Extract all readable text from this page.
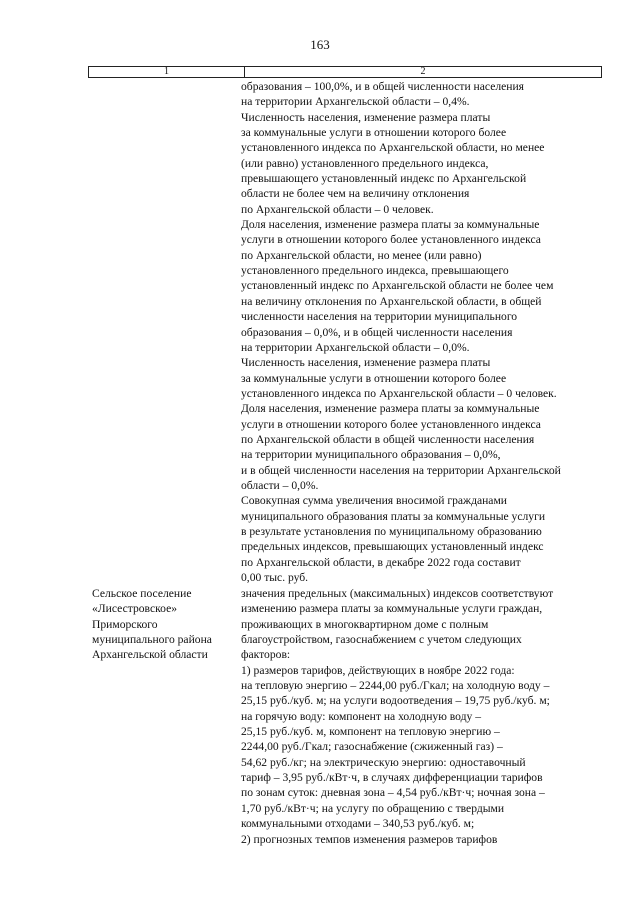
163
1	2
образования – 100,0%, и в общей численности населения
на территории Архангельской области – 0,4%.
Численность населения, изменение размера платы
за коммунальные услуги в отношении которого более
установленного индекса по Архангельской области, но менее
(или равно) установленного предельного индекса,
превышающего установленный индекс по Архангельской
области не более чем на величину отклонения
по Архангельской области – 0 человек.
Доля населения, изменение размера платы за коммунальные
услуги в отношении которого более установленного индекса
по Архангельской области, но менее (или равно)
установленного предельного индекса, превышающего
установленный индекс по Архангельской области не более чем
на величину отклонения по Архангельской области, в общей
численности населения на территории муниципального
образования – 0,0%, и в общей численности населения
на территории Архангельской области – 0,0%.
Численность населения, изменение размера платы
за коммунальные услуги в отношении которого более
установленного индекса по Архангельской области – 0 человек.
Доля населения, изменение размера платы за коммунальные
услуги в отношении которого более установленного индекса
по Архангельской области в общей численности населения
на территории муниципального образования – 0,0%,
и в общей численности населения на территории Архангельской
области – 0,0%.
Совокупная сумма увеличения вносимой гражданами
муниципального образования платы за коммунальные услуги
в результате установления по муниципальному образованию
предельных индексов, превышающих установленный индекс
по Архангельской области, в декабре 2022 года составит
0,00 тыс. руб.
Сельское поселение
«Лисестровское»
Приморского
муниципального района
Архангельской области
значения предельных (максимальных) индексов соответствуют
изменению размера платы за коммунальные услуги граждан,
проживающих в многоквартирном доме с полным
благоустройством, газоснабжением с учетом следующих
факторов:
1) размеров тарифов, действующих в ноябре 2022 года:
на тепловую энергию – 2244,00 руб./Гкал; на холодную воду –
25,15 руб./куб. м; на услуги водоотведения – 19,75 руб./куб. м;
на горячую воду: компонент на холодную воду –
25,15 руб./куб. м, компонент на тепловую энергию –
2244,00 руб./Гкал; газоснабжение (сжиженный газ) –
54,62 руб./кг; на электрическую энергию: одноставочный
тариф – 3,95 руб./кВт·ч, в случаях дифференциации тарифов
по зонам суток: дневная зона – 4,54 руб./кВт·ч; ночная зона –
1,70 руб./кВт·ч; на услугу по обращению с твердыми
коммунальными отходами – 340,53 руб./куб. м;
2) прогнозных темпов изменения размеров тарифов
